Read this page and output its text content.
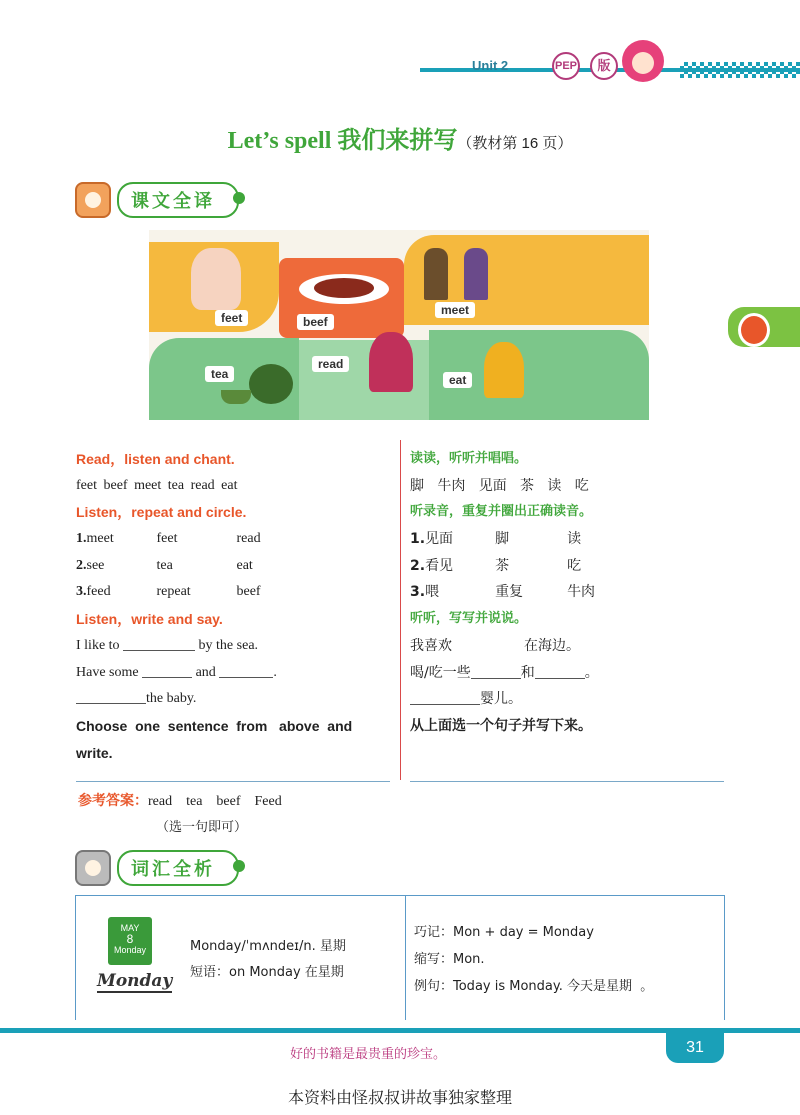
Unit 2	PEP	版
Let’s spell 我们来拼写（教材第 16 页）
课文全译
feet	beef
meet
tea
read
eat
Read，listen and chant.
feet beef meet tea read eat
Listen，repeat and circle.
1.meet	feet	read
2.see	tea	eat
3.feed	repeat	beef
Listen，write and say.
I like to	by the sea.
Have some	and	.
the baby.
Choose  one  sentence  from   above  and
write.
读读，听听并唱唱。
脚   牛肉   见面   茶   读   吃
听录音，重复并圈出正确读音。
1.见面	脚	读
2.看见	茶	吃
3.喂	重复	牛肉
听听，写写并说说。
我喜欢	在海边。
喝/吃一些	和	。
婴儿。
从上面选一个句子并写下来。
参考答案：read    tea    beef    Feed
（选一句即可）
词汇全析
MAY
8
Monday
Monday
Monday/ˈmʌndeɪ/n. 星期
短语：on Monday 在星期
巧记：Mon + day = Monday
缩写：Mon.
例句：Today is Monday. 今天是星期  。
好的书籍是最贵重的珍宝。	31
本资料由怪叔叔讲故事独家整理
